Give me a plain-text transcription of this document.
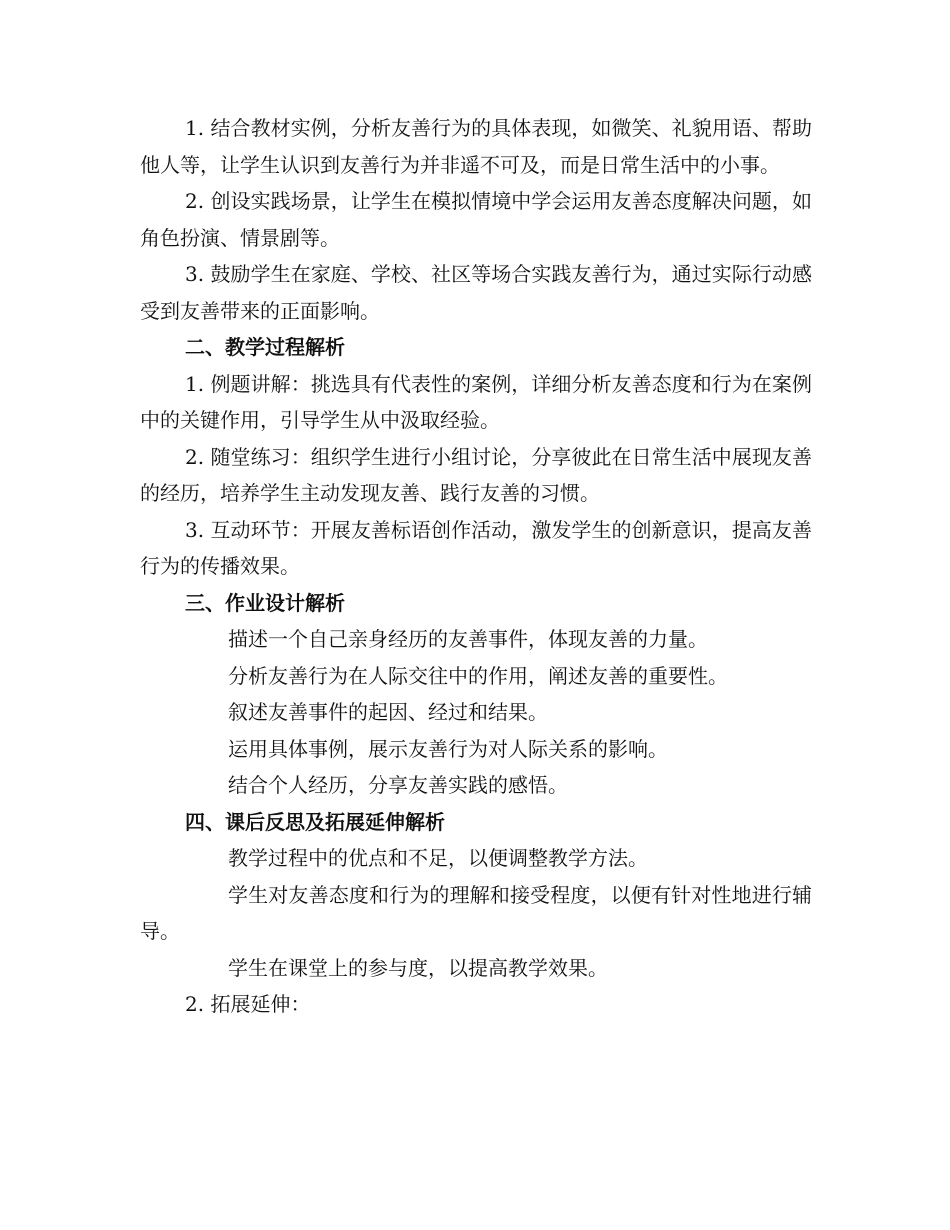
1. 结合教材实例，分析友善行为的具体表现，如微笑、礼貌用语、帮助他人等，让学生认识到友善行为并非遥不可及，而是日常生活中的小事。

2. 创设实践场景，让学生在模拟情境中学会运用友善态度解决问题，如角色扮演、情景剧等。

3. 鼓励学生在家庭、学校、社区等场合实践友善行为，通过实际行动感受到友善带来的正面影响。

二、教学过程解析

1. 例题讲解：挑选具有代表性的案例，详细分析友善态度和行为在案例中的关键作用，引导学生从中汲取经验。

2. 随堂练习：组织学生进行小组讨论，分享彼此在日常生活中展现友善的经历，培养学生主动发现友善、践行友善的习惯。

3. 互动环节：开展友善标语创作活动，激发学生的创新意识，提高友善行为的传播效果。

三、作业设计解析

描述一个自己亲身经历的友善事件，体现友善的力量。

分析友善行为在人际交往中的作用，阐述友善的重要性。

叙述友善事件的起因、经过和结果。

运用具体事例，展示友善行为对人际关系的影响。

结合个人经历，分享友善实践的感悟。

四、课后反思及拓展延伸解析

教学过程中的优点和不足，以便调整教学方法。

学生对友善态度和行为的理解和接受程度，以便有针对性地进行辅导。

学生在课堂上的参与度，以提高教学效果。

2. 拓展延伸：
